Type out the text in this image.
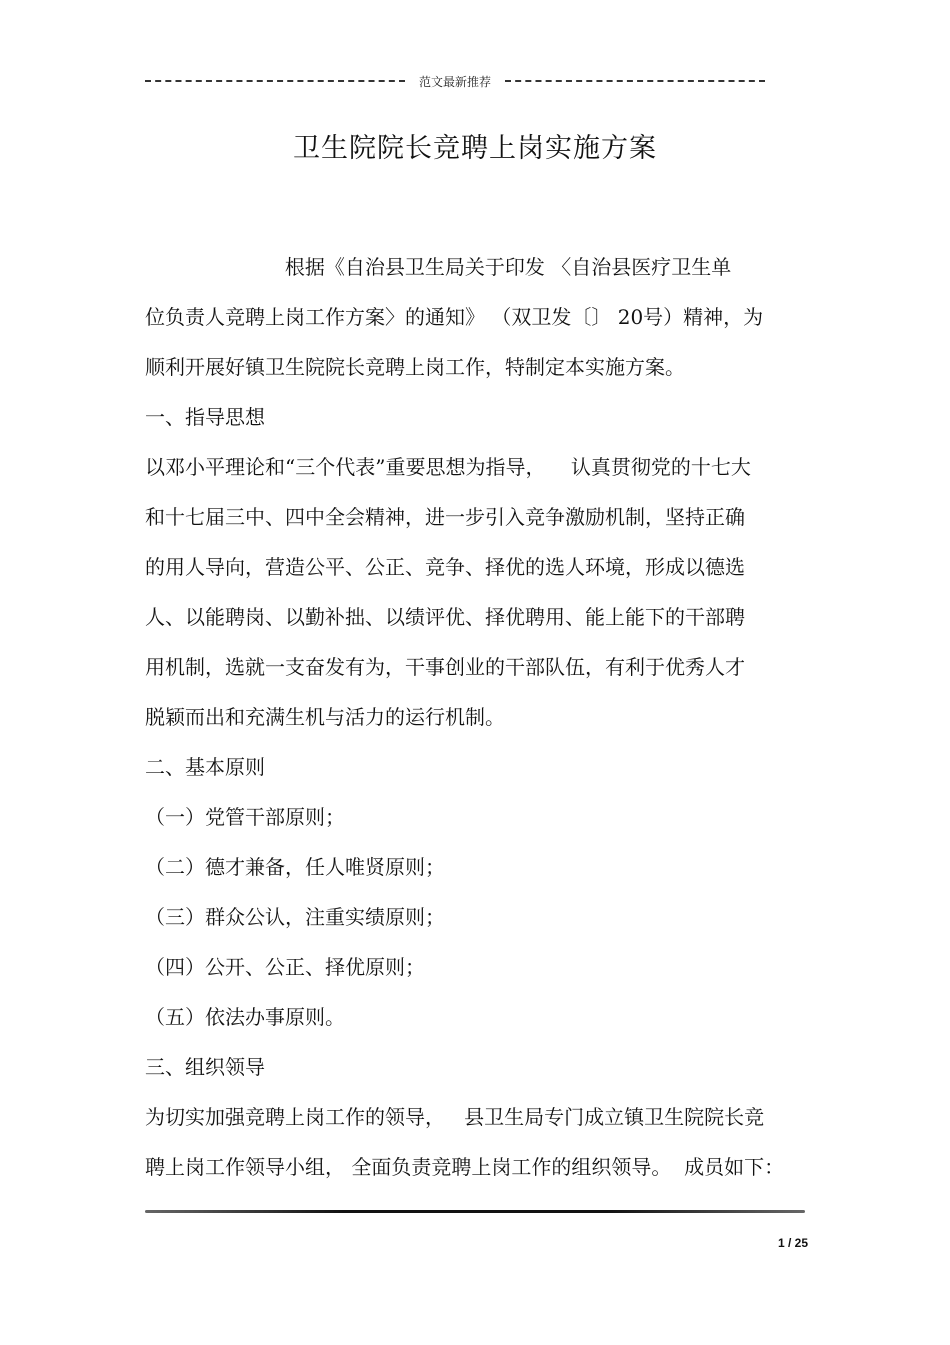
范文最新推荐
卫生院院长竞聘上岗实施方案
根据《自治县卫生局关于印发 〈自治县医疗卫生单
位负责人竞聘上岗工作方案〉的通知》 （双卫发〔〕 20号）精神，为
顺利开展好镇卫生院院长竞聘上岗工作，特制定本实施方案。
一、指导思想
以邓小平理论和“三个代表”重要思想为指导，    认真贯彻党的十七大
和十七届三中、四中全会精神，进一步引入竞争激励机制，坚持正确
的用人导向，营造公平、公正、竞争、择优的选人环境，形成以德选
人、以能聘岗、以勤补拙、以绩评优、择优聘用、能上能下的干部聘
用机制，选就一支奋发有为，干事创业的干部队伍，有利于优秀人才
脱颖而出和充满生机与活力的运行机制。
二、基本原则
（一）党管干部原则；
（二）德才兼备，任人唯贤原则；
（三）群众公认，注重实绩原则；
（四）公开、公正、择优原则；
（五）依法办事原则。
三、组织领导
为切实加强竞聘上岗工作的领导，   县卫生局专门成立镇卫生院院长竞
聘上岗工作领导小组， 全面负责竞聘上岗工作的组织领导。  成员如下：
1 / 25
